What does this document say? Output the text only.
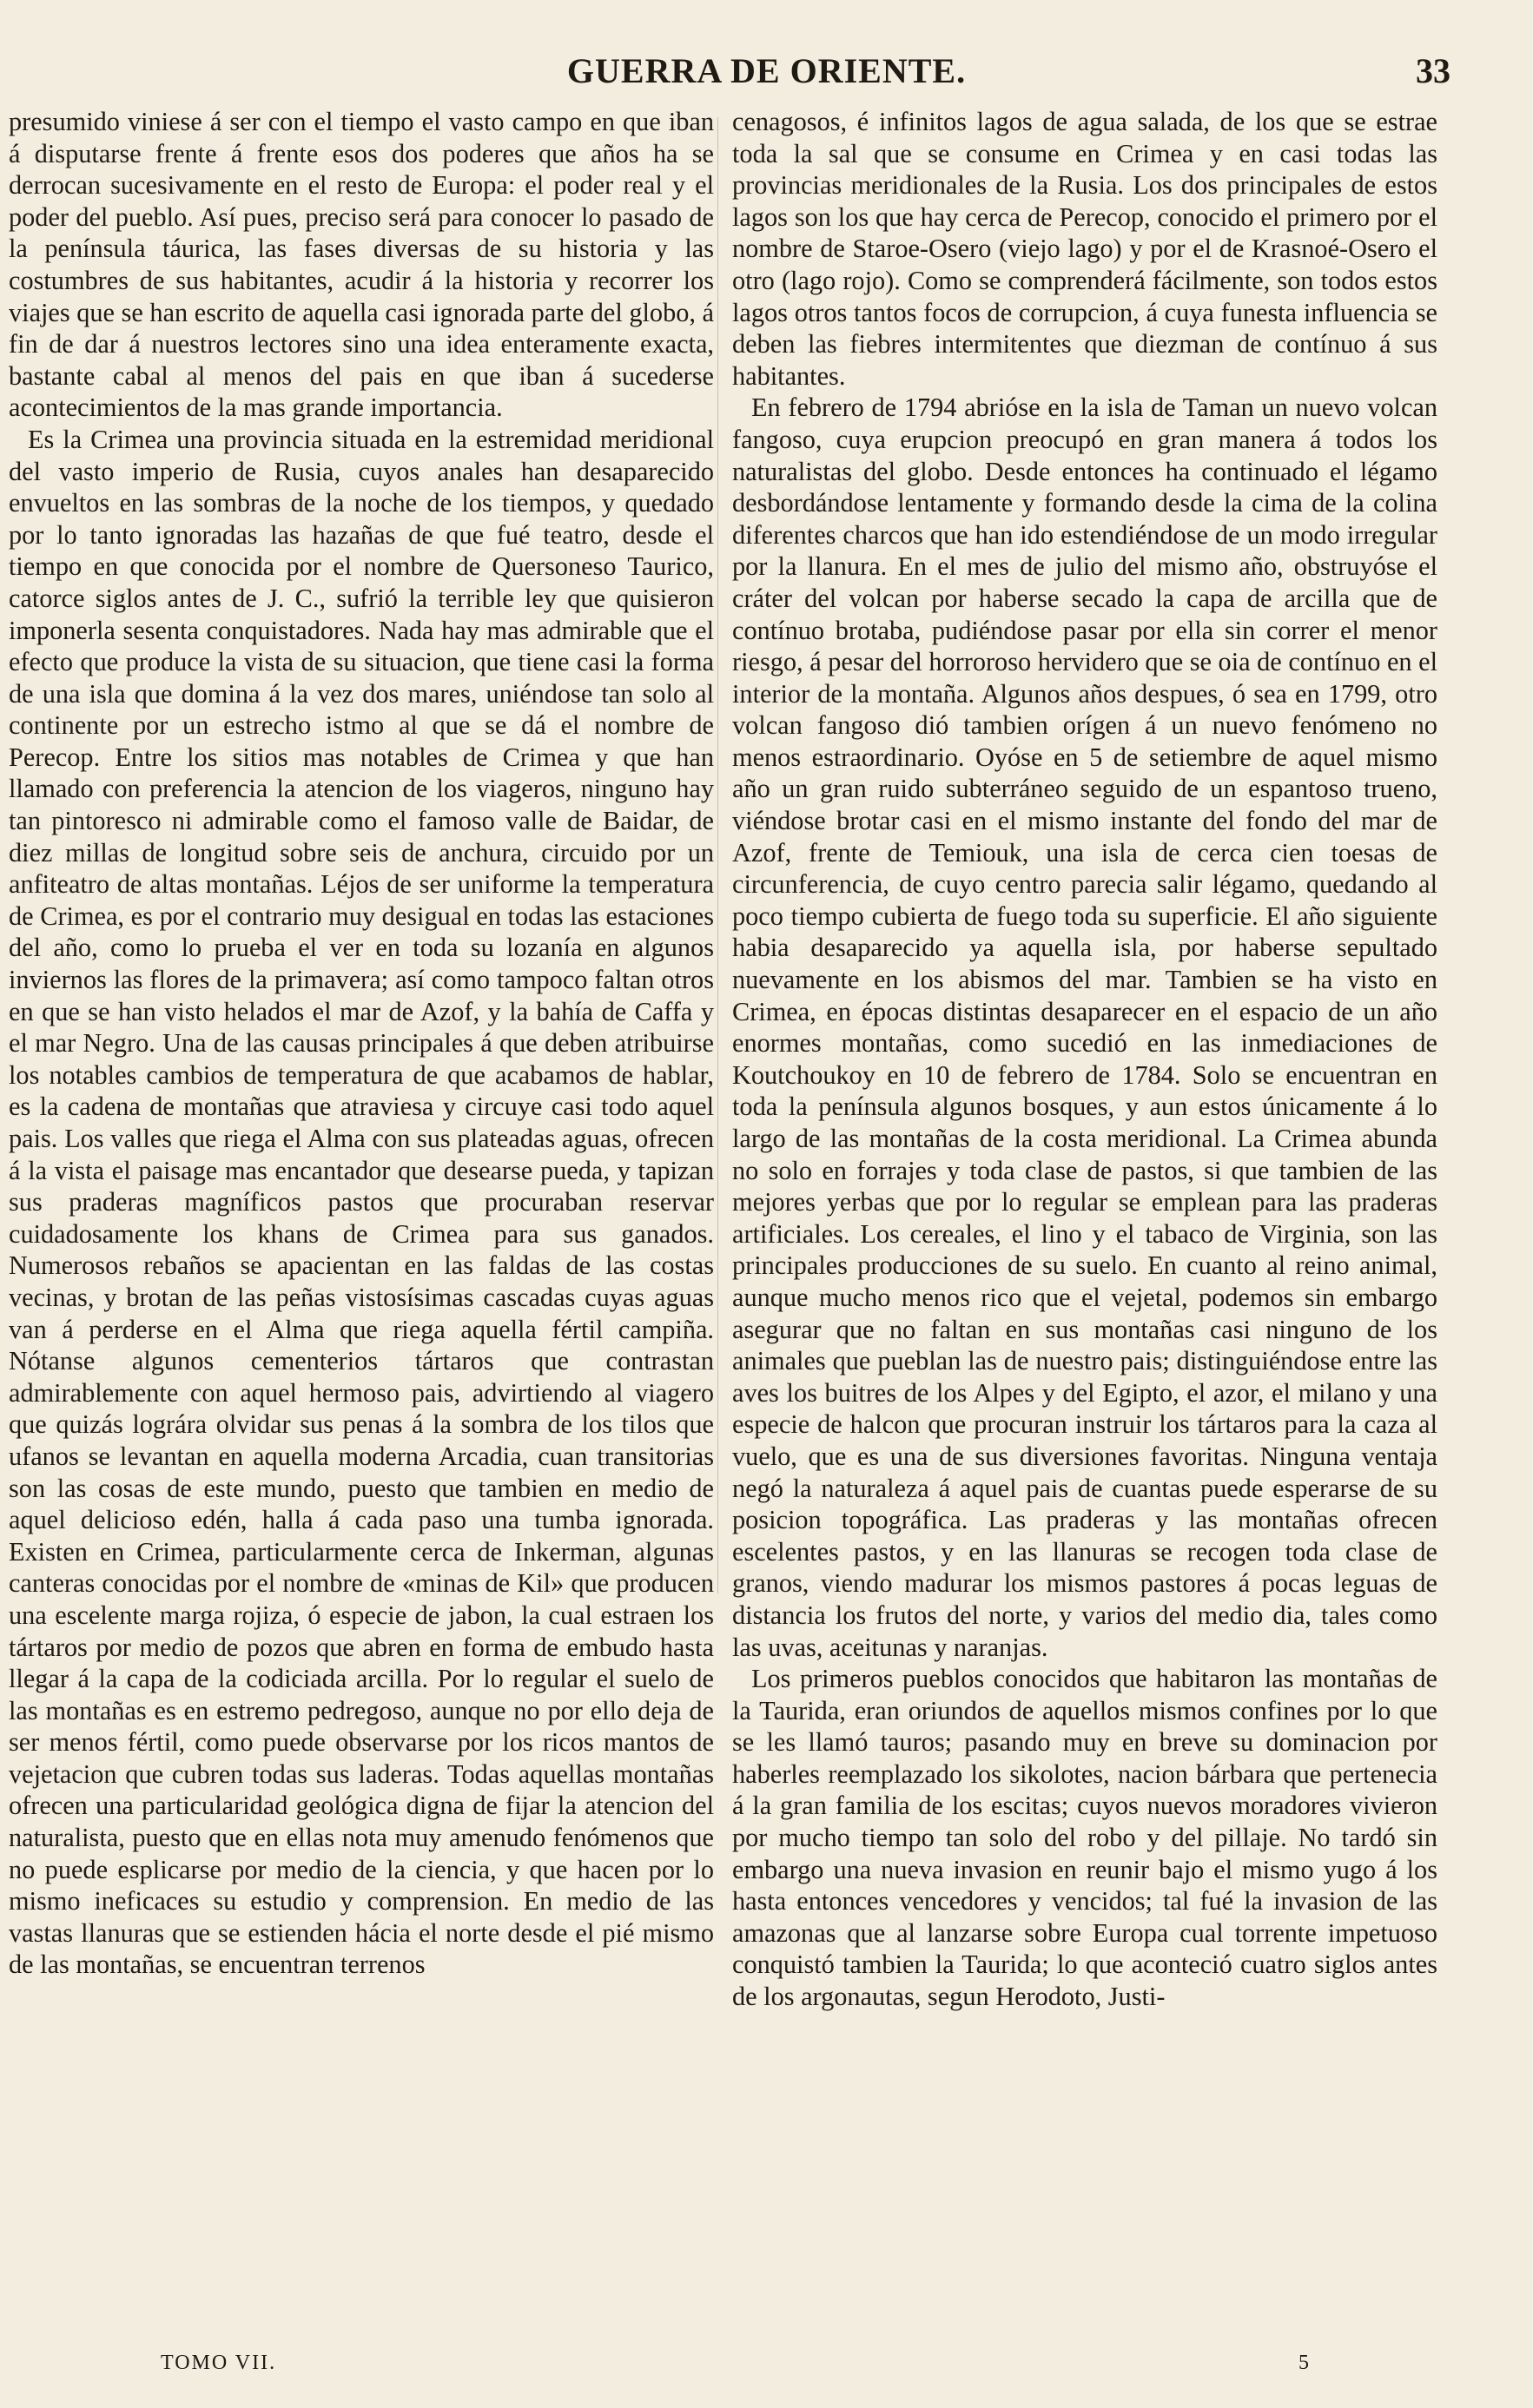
GUERRA DE ORIENTE.	33

presumido viniese á ser con el tiempo el vasto campo en que iban á disputarse frente á frente esos dos poderes que años ha se derrocan sucesivamente en el resto de Europa: el poder real y el poder del pueblo. Así pues, preciso será para conocer lo pasado de la península táurica, las fases diversas de su historia y las costumbres de sus habitantes, acudir á la historia y recorrer los viajes que se han escrito de aquella casi ignorada parte del globo, á fin de dar á nuestros lectores sino una idea enteramente exacta, bastante cabal al menos del pais en que iban á sucederse acontecimientos de la mas grande importancia.

Es la Crimea una provincia situada en la estremidad meridional del vasto imperio de Rusia, cuyos anales han desaparecido envueltos en las sombras de la noche de los tiempos, y quedado por lo tanto ignoradas las hazañas de que fué teatro, desde el tiempo en que conocida por el nombre de Quersoneso Taurico, catorce siglos antes de J. C., sufrió la terrible ley que quisieron imponerla sesenta conquistadores. Nada hay mas admirable que el efecto que produce la vista de su situacion, que tiene casi la forma de una isla que domina á la vez dos mares, uniéndose tan solo al continente por un estrecho istmo al que se dá el nombre de Perecop. Entre los sitios mas notables de Crimea y que han llamado con preferencia la atencion de los viageros, ninguno hay tan pintoresco ni admirable como el famoso valle de Baidar, de diez millas de longitud sobre seis de anchura, circuido por un anfiteatro de altas montañas. Léjos de ser uniforme la temperatura de Crimea, es por el contrario muy desigual en todas las estaciones del año, como lo prueba el ver en toda su lozanía en algunos inviernos las flores de la primavera; así como tampoco faltan otros en que se han visto helados el mar de Azof, y la bahía de Caffa y el mar Negro. Una de las causas principales á que deben atribuirse los notables cambios de temperatura de que acabamos de hablar, es la cadena de montañas que atraviesa y circuye casi todo aquel pais. Los valles que riega el Alma con sus plateadas aguas, ofrecen á la vista el paisage mas encantador que desearse pueda, y tapizan sus praderas magníficos pastos que procuraban reservar cuidadosamente los khans de Crimea para sus ganados. Numerosos rebaños se apacientan en las faldas de las costas vecinas, y brotan de las peñas vistosísimas cascadas cuyas aguas van á perderse en el Alma que riega aquella fértil campiña. Nótanse algunos cementerios tártaros que contrastan admirablemente con aquel hermoso pais, advirtiendo al viagero que quizás lográra olvidar sus penas á la sombra de los tilos que ufanos se levantan en aquella moderna Arcadia, cuan transitorias son las cosas de este mundo, puesto que tambien en medio de aquel delicioso edén, halla á cada paso una tumba ignorada. Existen en Crimea, particularmente cerca de Inkerman, algunas canteras conocidas por el nombre de «minas de Kil» que producen una escelente marga rojiza, ó especie de jabon, la cual estraen los tártaros por medio de pozos que abren en forma de embudo hasta llegar á la capa de la codiciada arcilla. Por lo regular el suelo de las montañas es en estremo pedregoso, aunque no por ello deja de ser menos fértil, como puede observarse por los ricos mantos de vejetacion que cubren todas sus laderas. Todas aquellas montañas ofrecen una particularidad geológica digna de fijar la atencion del naturalista, puesto que en ellas nota muy amenudo fenómenos que no puede esplicarse por medio de la ciencia, y que hacen por lo mismo ineficaces su estudio y comprension. En medio de las vastas llanuras que se estienden hácia el norte desde el pié mismo de las montañas, se encuentran terrenos

cenagosos, é infinitos lagos de agua salada, de los que se estrae toda la sal que se consume en Crimea y en casi todas las provincias meridionales de la Rusia. Los dos principales de estos lagos son los que hay cerca de Perecop, conocido el primero por el nombre de Staroe-Osero (viejo lago) y por el de Krasnoé-Osero el otro (lago rojo). Como se comprenderá fácilmente, son todos estos lagos otros tantos focos de corrupcion, á cuya funesta influencia se deben las fiebres intermitentes que diezman de contínuo á sus habitantes.

En febrero de 1794 abrióse en la isla de Taman un nuevo volcan fangoso, cuya erupcion preocupó en gran manera á todos los naturalistas del globo. Desde entonces ha continuado el légamo desbordándose lentamente y formando desde la cima de la colina diferentes charcos que han ido estendiéndose de un modo irregular por la llanura. En el mes de julio del mismo año, obstruyóse el cráter del volcan por haberse secado la capa de arcilla que de contínuo brotaba, pudiéndose pasar por ella sin correr el menor riesgo, á pesar del horroroso hervidero que se oia de contínuo en el interior de la montaña. Algunos años despues, ó sea en 1799, otro volcan fangoso dió tambien orígen á un nuevo fenómeno no menos estraordinario. Oyóse en 5 de setiembre de aquel mismo año un gran ruido subterráneo seguido de un espantoso trueno, viéndose brotar casi en el mismo instante del fondo del mar de Azof, frente de Temiouk, una isla de cerca cien toesas de circunferencia, de cuyo centro parecia salir légamo, quedando al poco tiempo cubierta de fuego toda su superficie. El año siguiente habia desaparecido ya aquella isla, por haberse sepultado nuevamente en los abismos del mar. Tambien se ha visto en Crimea, en épocas distintas desaparecer en el espacio de un año enormes montañas, como sucedió en las inmediaciones de Koutchoukoy en 10 de febrero de 1784. Solo se encuentran en toda la península algunos bosques, y aun estos únicamente á lo largo de las montañas de la costa meridional. La Crimea abunda no solo en forrajes y toda clase de pastos, si que tambien de las mejores yerbas que por lo regular se emplean para las praderas artificiales. Los cereales, el lino y el tabaco de Virginia, son las principales producciones de su suelo. En cuanto al reino animal, aunque mucho menos rico que el vejetal, podemos sin embargo asegurar que no faltan en sus montañas casi ninguno de los animales que pueblan las de nuestro pais; distinguiéndose entre las aves los buitres de los Alpes y del Egipto, el azor, el milano y una especie de halcon que procuran instruir los tártaros para la caza al vuelo, que es una de sus diversiones favoritas. Ninguna ventaja negó la naturaleza á aquel pais de cuantas puede esperarse de su posicion topográfica. Las praderas y las montañas ofrecen escelentes pastos, y en las llanuras se recogen toda clase de granos, viendo madurar los mismos pastores á pocas leguas de distancia los frutos del norte, y varios del medio dia, tales como las uvas, aceitunas y naranjas.

Los primeros pueblos conocidos que habitaron las montañas de la Taurida, eran oriundos de aquellos mismos confines por lo que se les llamó tauros; pasando muy en breve su dominacion por haberles reemplazado los sikolotes, nacion bárbara que pertenecia á la gran familia de los escitas; cuyos nuevos moradores vivieron por mucho tiempo tan solo del robo y del pillaje. No tardó sin embargo una nueva invasion en reunir bajo el mismo yugo á los hasta entonces vencedores y vencidos; tal fué la invasion de las amazonas que al lanzarse sobre Europa cual torrente impetuoso conquistó tambien la Taurida; lo que aconteció cuatro siglos antes de los argonautas, segun Herodoto, Justi-

TOMO VII.	5
